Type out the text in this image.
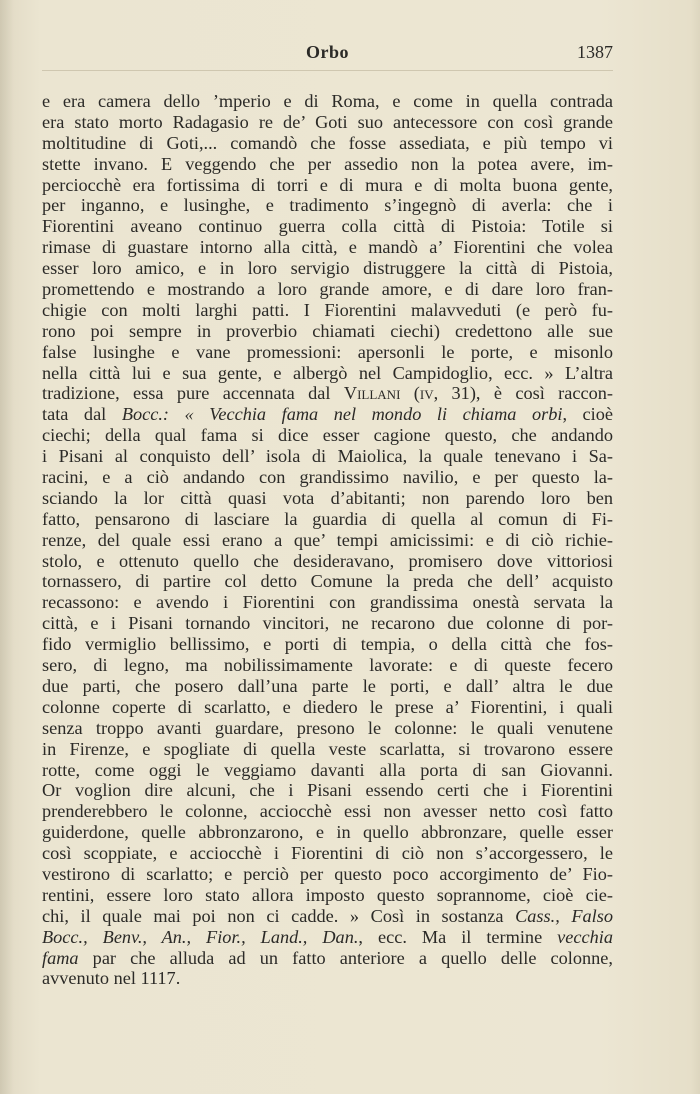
Orbo	1387
e era camera dello ’mperio e di Roma, e come in quella contrada
era stato morto Radagasio re de’ Goti suo antecessore con così grande
moltitudine di Goti,... comandò che fosse assediata, e più tempo vi
stette invano. E veggendo che per assedio non la potea avere, im-
perciocchè era fortissima di torri e di mura e di molta buona gente,
per inganno, e lusinghe, e tradimento s’ingegnò di averla: che i
Fiorentini aveano continuo guerra colla città di Pistoia: Totile si
rimase di guastare intorno alla città, e mandò a’ Fiorentini che volea
esser loro amico, e in loro servigio distruggere la città di Pistoia,
promettendo e mostrando a loro grande amore, e di dare loro fran-
chigie con molti larghi patti. I Fiorentini malavveduti (e però fu-
rono poi sempre in proverbio chiamati ciechi) credettono alle sue
false lusinghe e vane promessioni: apersonli le porte, e misonlo
nella città lui e sua gente, e albergò nel Campidoglio, ecc. » L’altra
tradizione, essa pure accennata dal Villani (iv, 31), è così raccon-
tata dal Bocc.: « Vecchia fama nel mondo li chiama orbi, cioè
ciechi; della qual fama si dice esser cagione questo, che andando
i Pisani al conquisto dell’ isola di Maiolica, la quale tenevano i Sa-
racini, e a ciò andando con grandissimo navilio, e per questo la-
sciando la lor città quasi vota d’abitanti; non parendo loro ben
fatto, pensarono di lasciare la guardia di quella al comun di Fi-
renze, del quale essi erano a que’ tempi amicissimi: e di ciò richie-
stolo, e ottenuto quello che desideravano, promisero dove vittoriosi
tornassero, di partire col detto Comune la preda che dell’ acquisto
recassono: e avendo i Fiorentini con grandissima onestà servata la
città, e i Pisani tornando vincitori, ne recarono due colonne di por-
fido vermiglio bellissimo, e porti di tempia, o della città che fos-
sero, di legno, ma nobilissimamente lavorate: e di queste fecero
due parti, che posero dall’una parte le porti, e dall’ altra le due
colonne coperte di scarlatto, e diedero le prese a’ Fiorentini, i quali
senza troppo avanti guardare, presono le colonne: le quali venutene
in Firenze, e spogliate di quella veste scarlatta, si trovarono essere
rotte, come oggi le veggiamo davanti alla porta di san Giovanni.
Or voglion dire alcuni, che i Pisani essendo certi che i Fiorentini
prenderebbero le colonne, acciocchè essi non avesser netto così fatto
guiderdone, quelle abbronzarono, e in quello abbronzare, quelle esser
così scoppiate, e acciocchè i Fiorentini di ciò non s’accorgessero, le
vestirono di scarlatto; e perciò per questo poco accorgimento de’ Fio-
rentini, essere loro stato allora imposto questo soprannome, cioè cie-
chi, il quale mai poi non ci cadde. » Così in sostanza Cass., Falso
Bocc., Benv., An., Fior., Land., Dan., ecc. Ma il termine vecchia
fama par che alluda ad un fatto anteriore a quello delle colonne,
avvenuto nel 1117.
